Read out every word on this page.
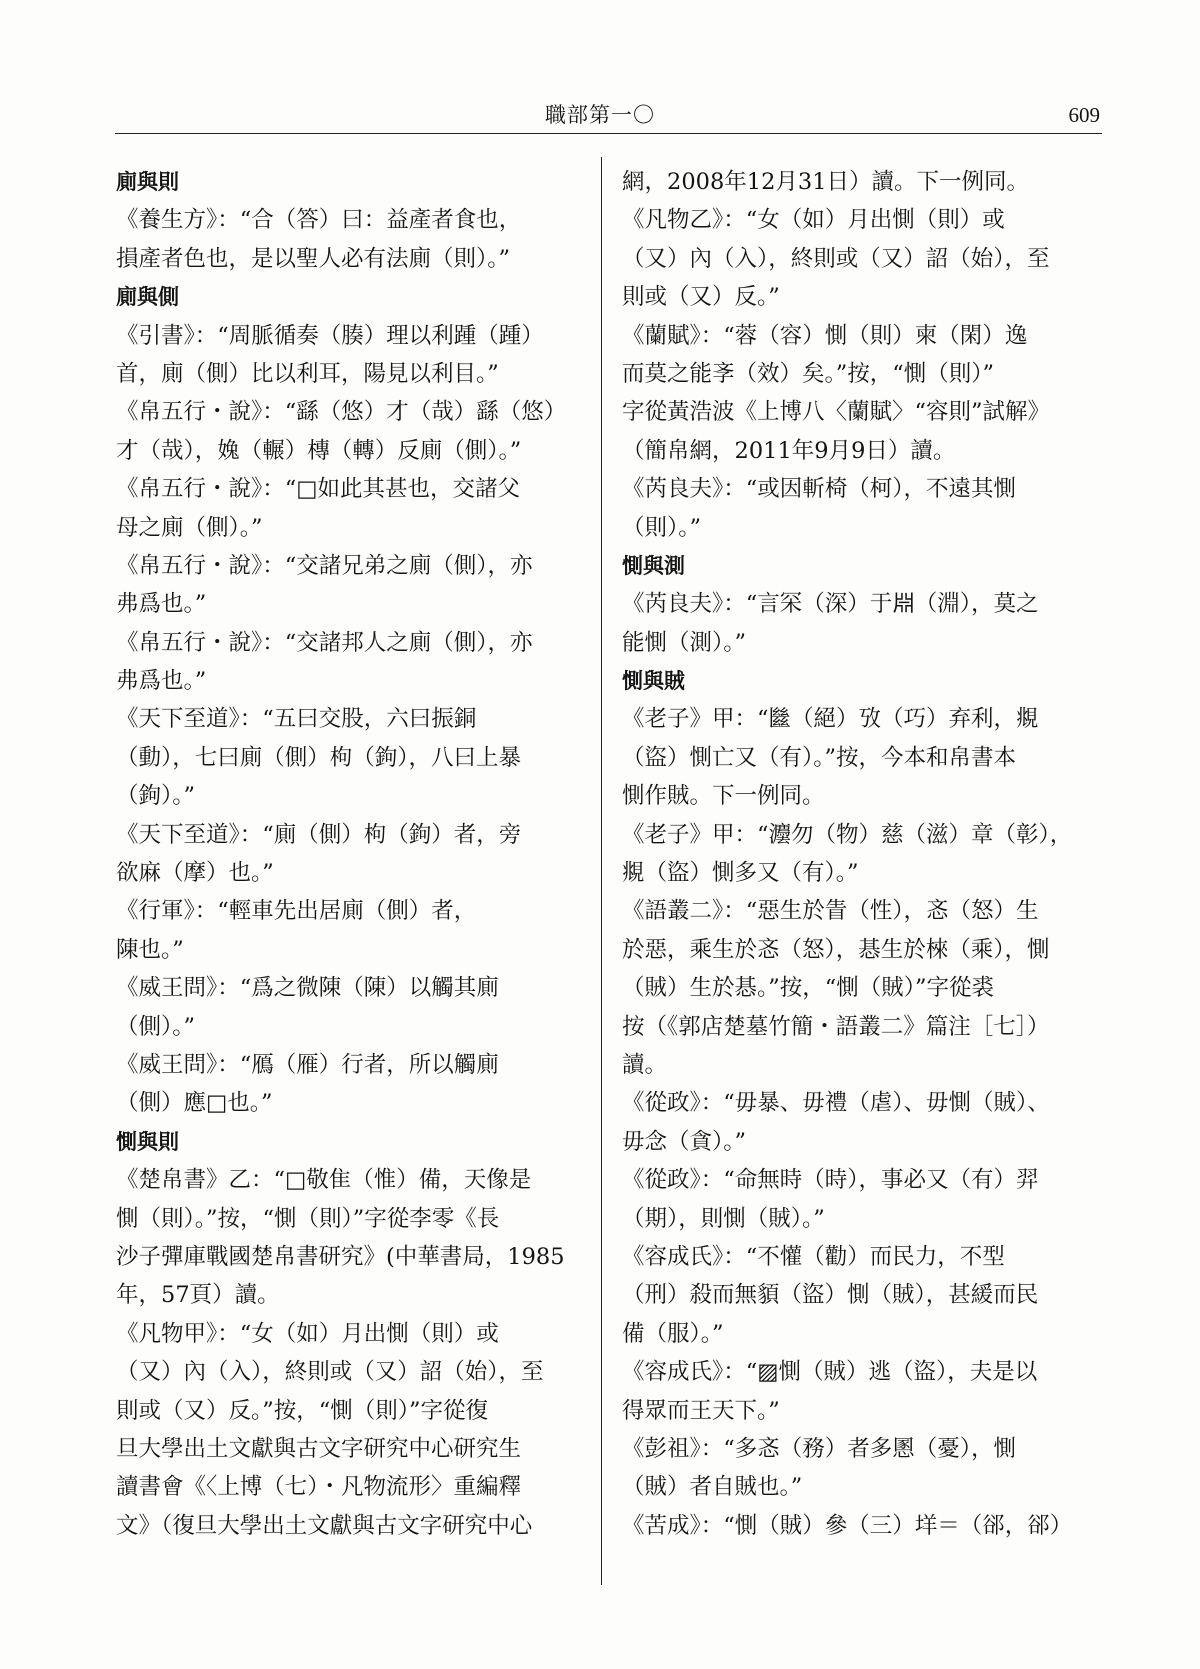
職部第一〇	609
廁與則
《養生方》：“合（答）曰：益產者食也，
損產者色也，是以聖人必有法廁（則）。”
廁與側
《引書》：“周脈循奏（腠）理以利踵（踵）
首，廁（側）比以利耳，陽見以利目。”
《帛五行・說》：“繇（悠）才（哉）繇（悠）
才（哉），婏（輾）槫（轉）反廁（側）。”
《帛五行・說》：“□如此其甚也，交諸父
母之廁（側）。”
《帛五行・說》：“交諸兄弟之廁（側），亦
弗爲也。”
《帛五行・說》：“交諸邦人之廁（側），亦
弗爲也。”
《天下至道》：“五曰交股，六曰振銅
（動），七曰廁（側）枸（鉤），八曰上暴
（鉤）。”
《天下至道》：“廁（側）枸（鉤）者，旁
欲麻（摩）也。”
《行軍》：“輕車先出居廁（側）者，
陳也。”
《威王問》：“爲之微陳（陳）以觸其廁
（側）。”
《威王問》：“鴈（雁）行者，所以觸廁
（側）應□也。”
惻與則
《楚帛書》乙：“□敬隹（惟）備，天像是
惻（則）。”按，“惻（則）”字從李零《長
沙子彈庫戰國楚帛書研究》(中華書局，1985
年，57頁）讀。
《凡物甲》：“女（如）月出惻（則）或
（又）內（入），終則或（又）詔（始），至
則或（又）反。”按，“惻（則）”字從復
旦大學出土文獻與古文字研究中心研究生
讀書會《〈上博（七）・凡物流形〉重編釋
文》（復旦大學出土文獻與古文字研究中心
網，2008年12月31日）讀。下一例同。
《凡物乙》：“女（如）月出惻（則）或
（又）內（入），終則或（又）詔（始），至
則或（又）反。”
《蘭賦》：“蓉（容）惻（則）柬（閑）逸
而莫之能斈（效）矣。”按，“惻（則）”
字從黃浩波《上博八〈蘭賦〉“容則”試解》
（簡帛網，2011年9月9日）讀。
《芮良夫》：“或因斬椅（柯），不遠其惻
（則）。”
惻與測
《芮良夫》：“言罙（深）于𣶒（淵），莫之
能惻（測）。”
惻與賊
《老子》甲：“㡭（絕）攷（巧）弃利，覜
（盜）惻亡又（有）。”按，今本和帛書本
惻作賊。下一例同。
《老子》甲：“灋勿（物）慈（滋）章（彰），
覜（盜）惻多又（有）。”
《語叢二》：“惡生於眚（性），忞（怒）生
於惡，乘生於忞（怒），惎生於棶（乘），惻
（賊）生於惎。”按，“惻（賊）”字從裘
按（《郭店楚墓竹簡・語叢二》篇注［七］）
讀。
《從政》：“毋暴、毋禮（虐）、毋惻（賊）、
毋念（貪）。”
《從政》：“命無時（時），事必又（有）羿
（期），則惻（賊）。”
《容成氏》：“不懽（勸）而民力，不型
（刑）殺而無䫉（盜）惻（賊），甚緩而民
備（服）。”
《容成氏》：“▨惻（賊）逃（盜），夫是以
得眾而王天下。”
《彭祖》：“多忞（務）者多慁（憂），惻
（賊）者自賊也。”
《苦成》：“惻（賊）參（三）垟＝（郤，郤）
